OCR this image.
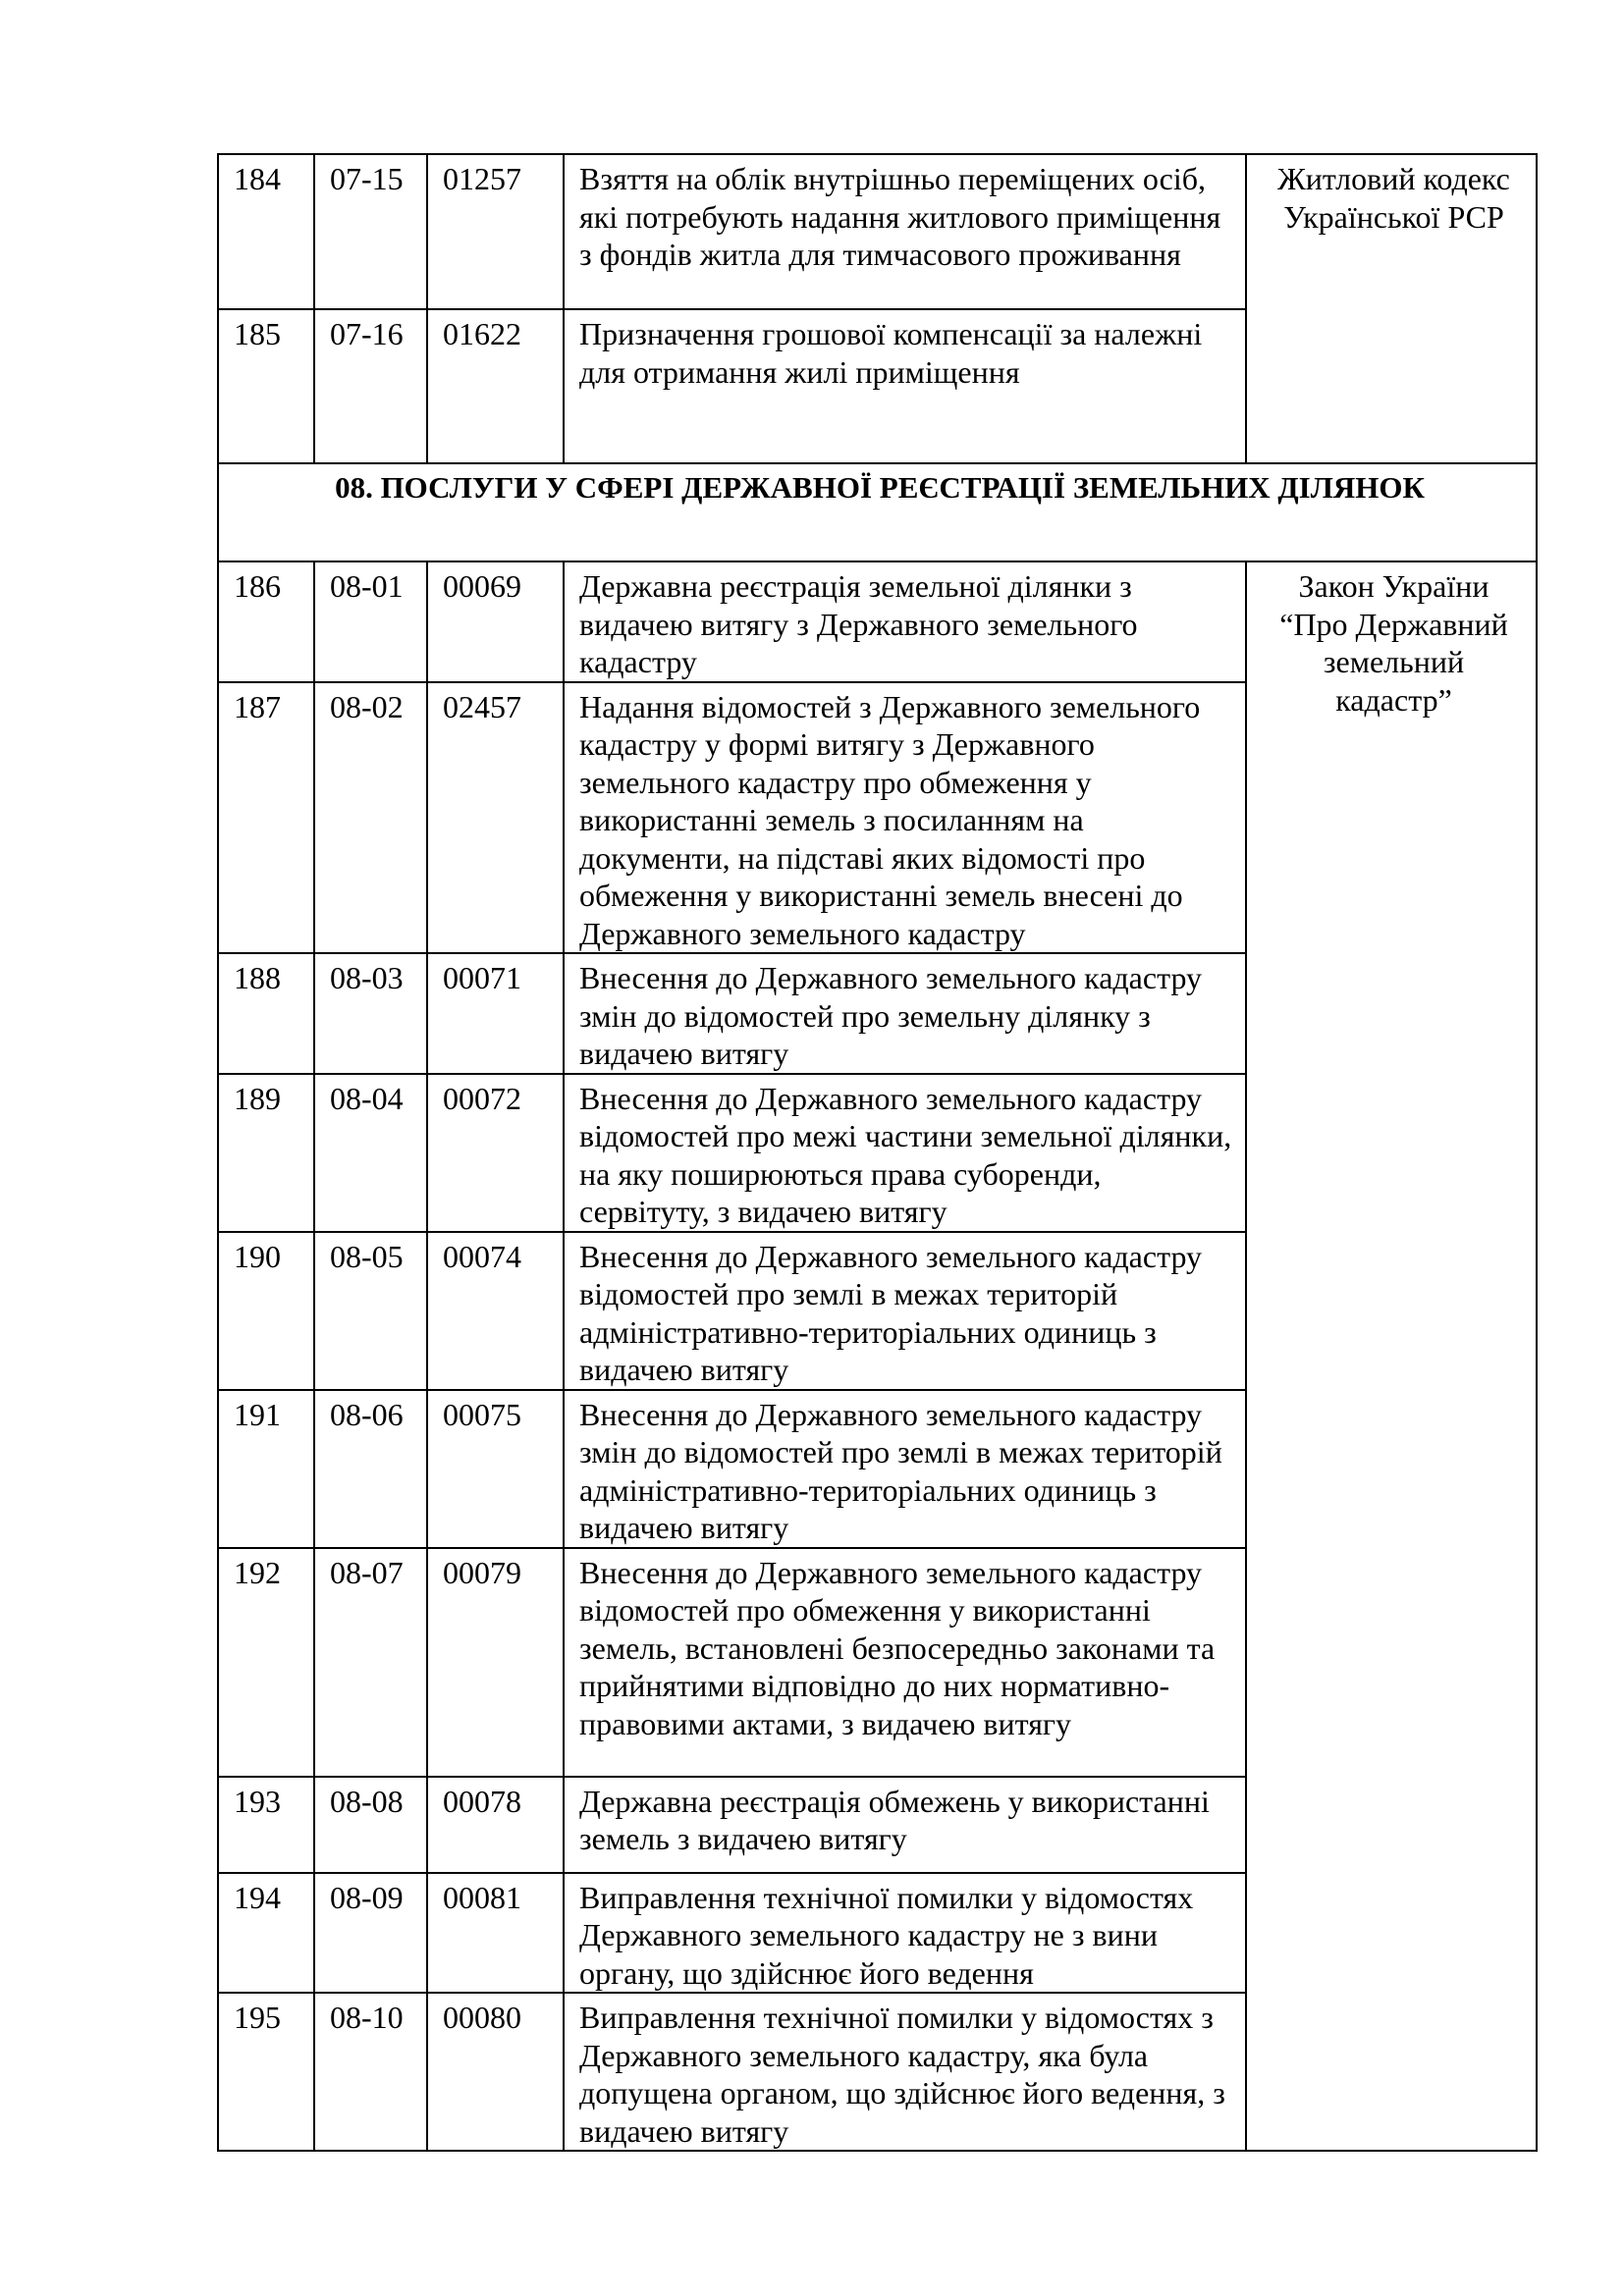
184	07-15	01257	Взяття на облік внутрішньо переміщених осіб, які потребують надання житлового приміщення з фондів житла для тимчасового проживання	Житловий кодекс Української РСР
185	07-16	01622	Призначення грошової компенсації за належні для отримання жилі приміщення	
08. ПОСЛУГИ У СФЕРІ ДЕРЖАВНОЇ РЕЄСТРАЦІЇ ЗЕМЕЛЬНИХ ДІЛЯНОК				
186	08-01	00069	Державна реєстрація земельної ділянки з видачею витягу з Державного земельного кадастру	Закон України “Про Державний земельний кадастр”
187	08-02	02457	Надання відомостей з Державного земельного кадастру у формі витягу з Державного земельного кадастру про обмеження у використанні земель з посиланням на документи, на підставі яких відомості про обмеження у використанні земель внесені до Державного земельного кадастру	
188	08-03	00071	Внесення до Державного земельного кадастру змін до відомостей про земельну ділянку з видачею витягу	
189	08-04	00072	Внесення до Державного земельного кадастру відомостей про межі частини земельної ділянки, на яку поширюються права суборенди, сервітуту, з видачею витягу	
190	08-05	00074	Внесення до Державного земельного кадастру відомостей про землі в межах територій адміністративно-територіальних одиниць з видачею витягу	
191	08-06	00075	Внесення до Державного земельного кадастру змін до відомостей про землі в межах територій адміністративно-територіальних одиниць з видачею витягу	
192	08-07	00079	Внесення до Державного земельного кадастру відомостей про обмеження у використанні земель, встановлені безпосередньо законами та прийнятими відповідно до них нормативно-правовими актами, з видачею витягу	
193	08-08	00078	Державна реєстрація обмежень у використанні земель з видачею витягу	
194	08-09	00081	Виправлення технічної помилки у відомостях Державного земельного кадастру не з вини органу, що здійснює його ведення	
195	08-10	00080	Виправлення технічної помилки у відомостях з Державного земельного кадастру, яка була допущена органом, що здійснює його ведення, з видачею витягу	
